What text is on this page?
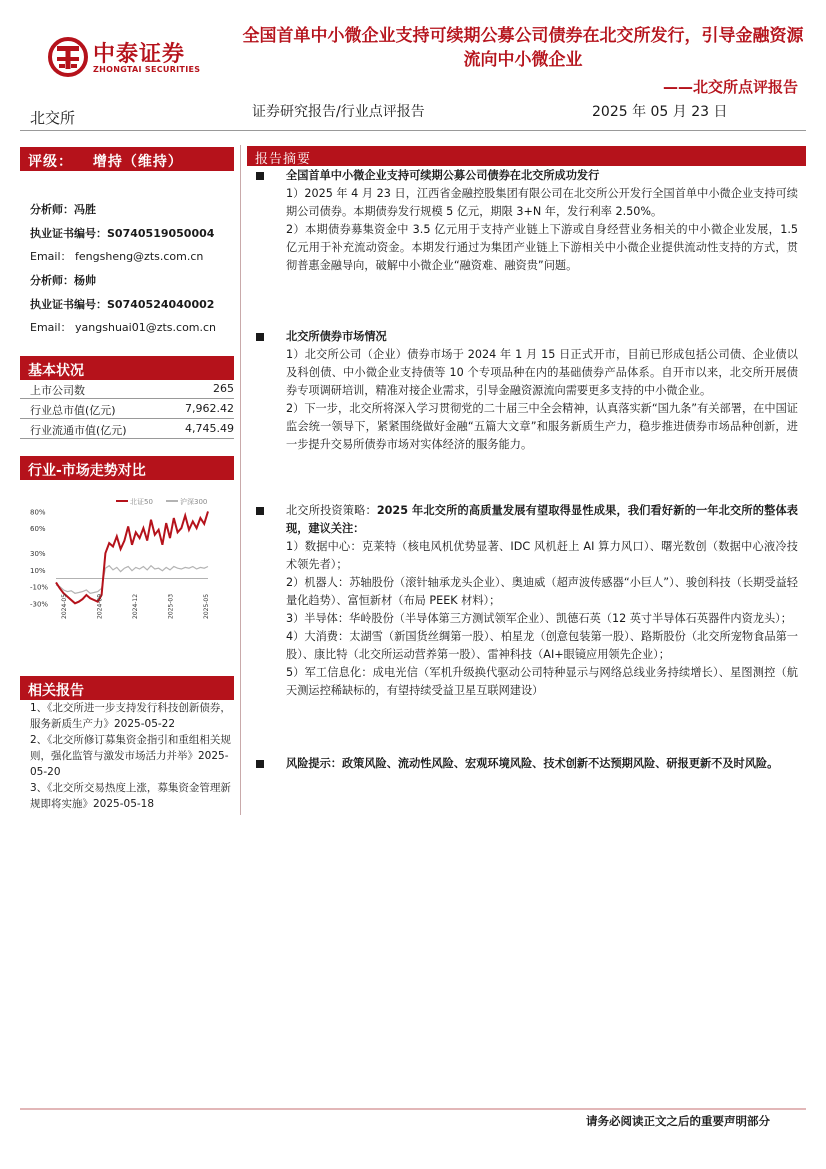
中泰证券
ZHONGTAI SECURITIES
全国首单中小微企业支持可续期公募公司债券在北交所发行，引导金融资源流向中小微企业
——北交所点评报告
北交所	证券研究报告/行业点评报告	2025 年 05 月 23 日
评级： 增持（维持）
分析师：冯胜
执业证书编号：S0740519050004
Email： fengsheng@zts.com.cn
分析师：杨帅
执业证书编号：S0740524040002
Email： yangshuai01@zts.com.cn
基本状况
上市公司数	265
行业总市值(亿元)	7,962.42
行业流通市值(亿元)	4,745.49
行业-市场走势对比
-30%
-10%
10%
30%
60%
80%
北证50	沪深300
2024-05	2024-09	2024-12	2025-03	2025-05
相关报告
1、《北交所进一步支持发行科技创新债券，服务新质生产力》2025-05-22
2、《北交所修订募集资金指引和重组相关规则，强化监管与激发市场活力并举》2025-05-20
3、《北交所交易热度上涨，募集资金管理新规即将实施》2025-05-18
报告摘要

全国首单中小微企业支持可续期公募公司债券在北交所成功发行

1）2025 年 4 月 23 日，江西省金融控股集团有限公司在北交所公开发行全国首单中小微企业支持可续期公司债券。本期债券发行规模 5 亿元，期限 3+N 年，发行利率 2.50%。

2）本期债券募集资金中 3.5 亿元用于支持产业链上下游或自身经营业务相关的中小微企业发展，1.5 亿元用于补充流动资金。本期发行通过为集团产业链上下游相关中小微企业提供流动性支持的方式，贯彻普惠金融导向，破解中小微企业“融资难、融资贵”问题。

北交所债券市场情况

1）北交所公司（企业）债券市场于 2024 年 1 月 15 日正式开市，目前已形成包括公司债、企业债以及科创债、中小微企业支持债等 10 个专项品种在内的基础债券产品体系。自开市以来，北交所开展债券专项调研培训，精准对接企业需求，引导金融资源流向需要更多支持的中小微企业。

2）下一步，北交所将深入学习贯彻党的二十届三中全会精神，认真落实新“国九条”有关部署，在中国证监会统一领导下，紧紧围绕做好金融“五篇大文章”和服务新质生产力，稳步推进债券市场品种创新，进一步提升交易所债券市场对实体经济的服务能力。

北交所投资策略：2025 年北交所的高质量发展有望取得显性成果，我们看好新的一年北交所的整体表现，建议关注：

1）数据中心：克莱特（核电风机优势显著、IDC 风机赶上 AI 算力风口）、曙光数创（数据中心液冷技术领先者）；

2）机器人：苏轴股份（滚针轴承龙头企业）、奥迪威（超声波传感器“小巨人”）、骏创科技（长期受益轻量化趋势）、富恒新材（布局 PEEK 材料）；

3）半导体：华岭股份（半导体第三方测试领军企业）、凯德石英（12 英寸半导体石英器件内资龙头）；

4）大消费：太湖雪（新国货丝绸第一股）、柏星龙（创意包装第一股）、路斯股份（北交所宠物食品第一股）、康比特（北交所运动营养第一股）、雷神科技（AI+眼镜应用领先企业）；

5）军工信息化：成电光信（军机升级换代驱动公司特种显示与网络总线业务持续增长）、星图测控（航天测运控稀缺标的，有望持续受益卫星互联网建设）

风险提示：政策风险、流动性风险、宏观环境风险、技术创新不达预期风险、研报更新不及时风险。

请务必阅读正文之后的重要声明部分
